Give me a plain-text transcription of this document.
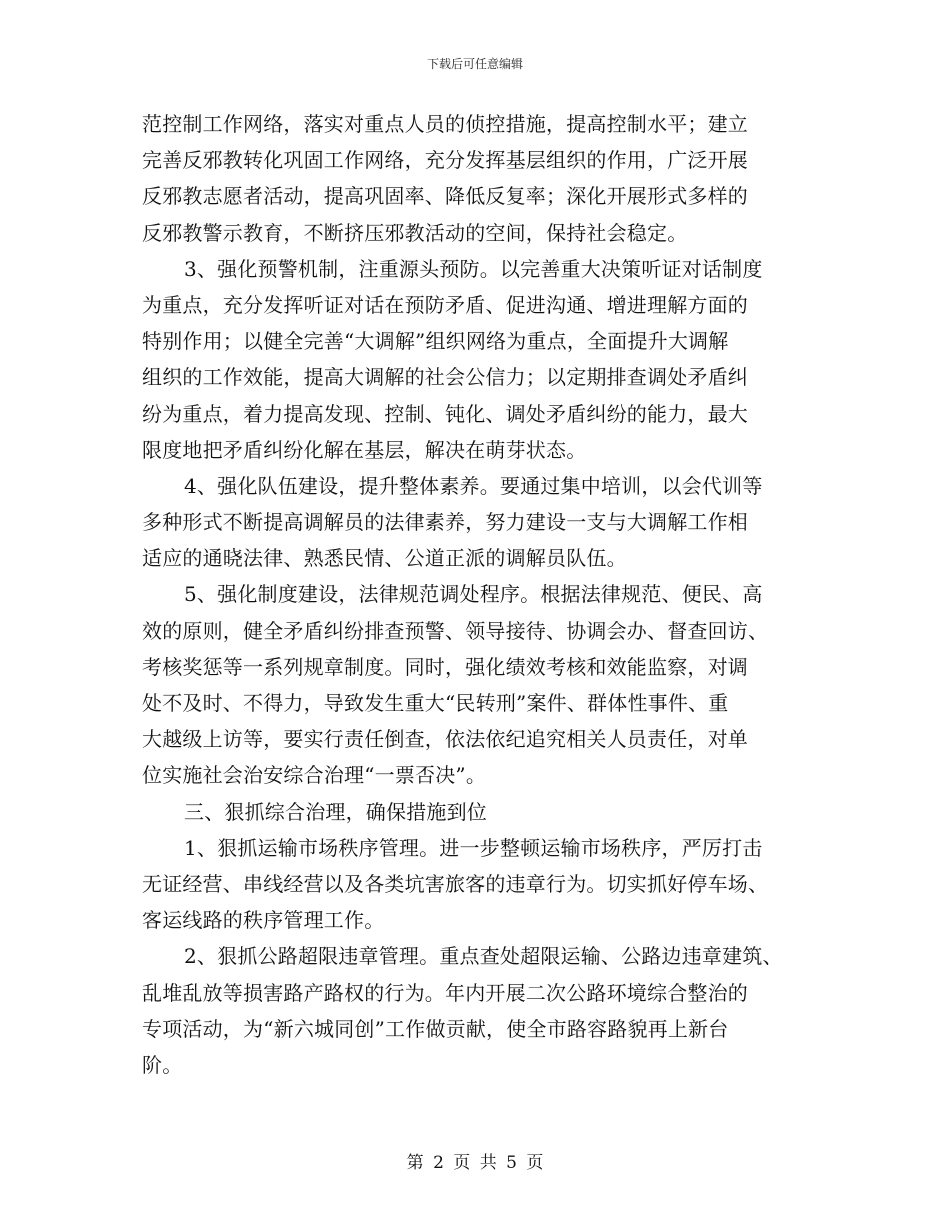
下载后可任意编辑
范控制工作网络，落实对重点人员的侦控措施，提高控制水平；建立
完善反邪教转化巩固工作网络，充分发挥基层组织的作用，广泛开展
反邪教志愿者活动，提高巩固率、降低反复率；深化开展形式多样的
反邪教警示教育，不断挤压邪教活动的空间，保持社会稳定。
3、强化预警机制，注重源头预防。以完善重大决策听证对话制度
为重点，充分发挥听证对话在预防矛盾、促进沟通、增进理解方面的
特别作用；以健全完善“大调解”组织网络为重点，全面提升大调解
组织的工作效能，提高大调解的社会公信力；以定期排查调处矛盾纠
纷为重点，着力提高发现、控制、钝化、调处矛盾纠纷的能力，最大
限度地把矛盾纠纷化解在基层，解决在萌芽状态。
4、强化队伍建设，提升整体素养。要通过集中培训，以会代训等
多种形式不断提高调解员的法律素养，努力建设一支与大调解工作相
适应的通晓法律、熟悉民情、公道正派的调解员队伍。
5、强化制度建设，法律规范调处程序。根据法律规范、便民、高
效的原则，健全矛盾纠纷排查预警、领导接待、协调会办、督查回访、
考核奖惩等一系列规章制度。同时，强化绩效考核和效能监察，对调
处不及时、不得力，导致发生重大“民转刑”案件、群体性事件、重
大越级上访等，要实行责任倒查，依法依纪追究相关人员责任，对单
位实施社会治安综合治理“一票否决”。
三、狠抓综合治理，确保措施到位
1、狠抓运输市场秩序管理。进一步整顿运输市场秩序，严厉打击
无证经营、串线经营以及各类坑害旅客的违章行为。切实抓好停车场、
客运线路的秩序管理工作。
2、狠抓公路超限违章管理。重点查处超限运输、公路边违章建筑、
乱堆乱放等损害路产路权的行为。年内开展二次公路环境综合整治的
专项活动，为“新六城同创”工作做贡献，使全市路容路貌再上新台
阶。
第 2 页 共 5 页
